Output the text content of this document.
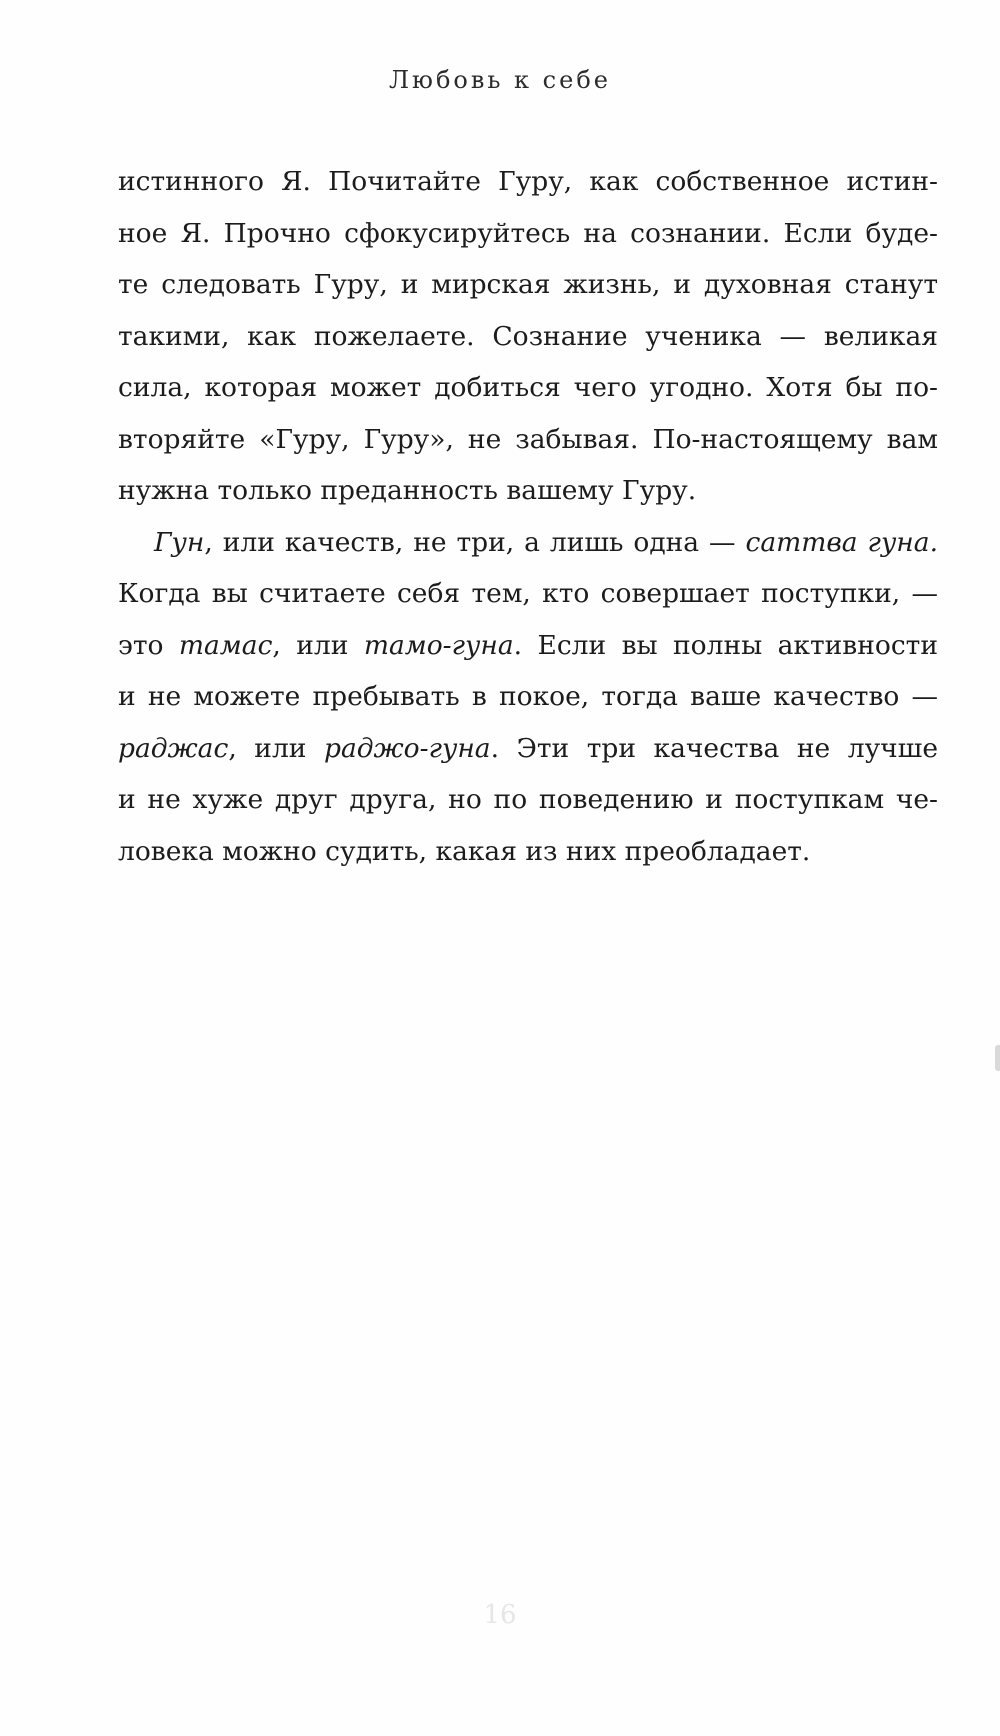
Любовь к себе
истинного Я. Почитайте Гуру, как собственное истин-
ное Я. Прочно сфокусируйтесь на сознании. Если буде-
те следовать Гуру, и мирская жизнь, и духовная станут
такими, как пожелаете. Сознание ученика — великая
сила, которая может добиться чего угодно. Хотя бы по-
вторяйте «Гуру, Гуру», не забывая. По-настоящему вам
нужна только преданность вашему Гуру.
Гун, или качеств, не три, а лишь одна — саттва гуна.
Когда вы считаете себя тем, кто совершает поступки, —
это тамас, или тамо-гуна. Если вы полны активности
и не можете пребывать в покое, тогда ваше качество —
раджас, или раджо-гуна. Эти три качества не лучше
и не хуже друг друга, но по поведению и поступкам че-
ловека можно судить, какая из них преобладает.
16
